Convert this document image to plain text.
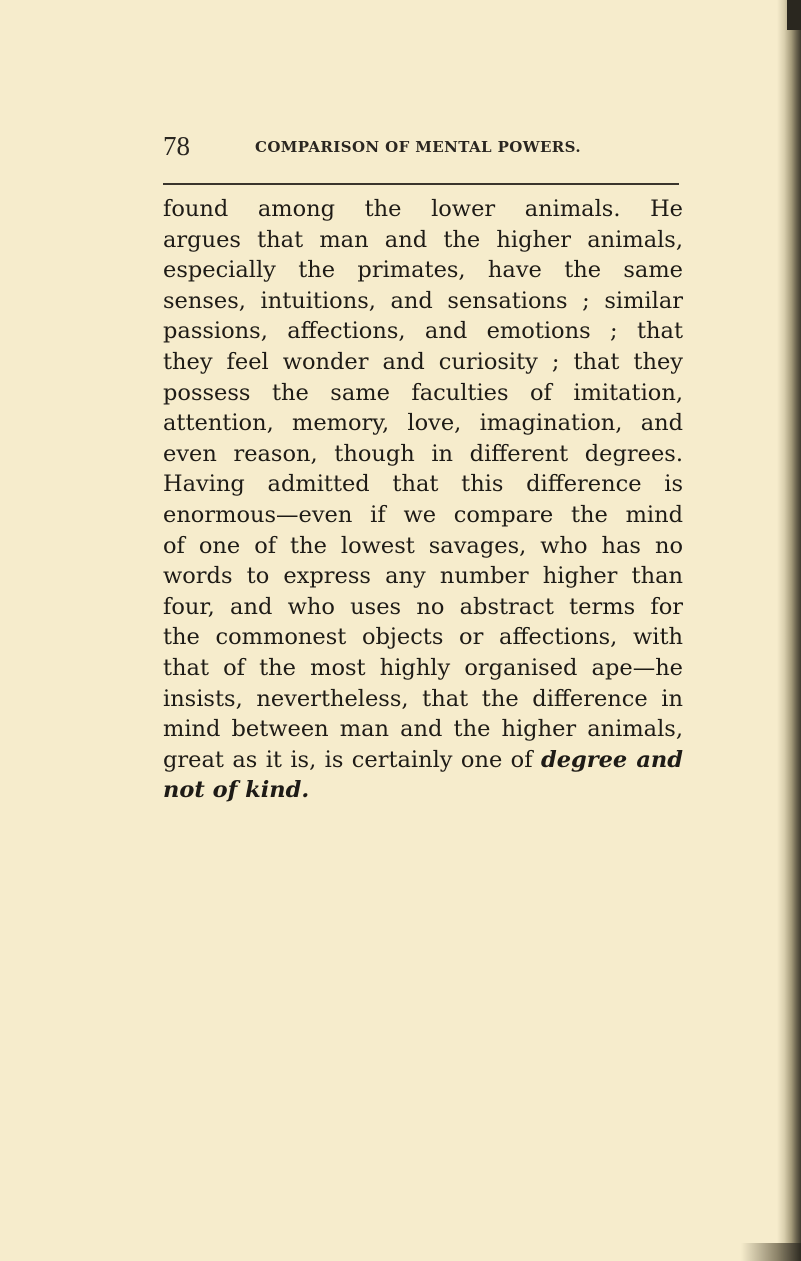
78	COMPARISON OF MENTAL POWERS.
found among the lower animals. He
argues that man and the higher animals,
especially the primates, have the same
senses, intuitions, and sensations ; similar
passions, affections, and emotions ; that
they feel wonder and curiosity ; that they
possess the same faculties of imitation,
attention, memory, love, imagination, and
even reason, though in different degrees.
Having admitted that this difference is
enormous—even if we compare the mind
of one of the lowest savages, who has no
words to express any number higher than
four, and who uses no abstract terms for
the commonest objects or affections, with
that of the most highly organised ape—he
insists, nevertheless, that the difference in
mind between man and the higher animals,
great as it is, is certainly one of degree and
not of kind.
